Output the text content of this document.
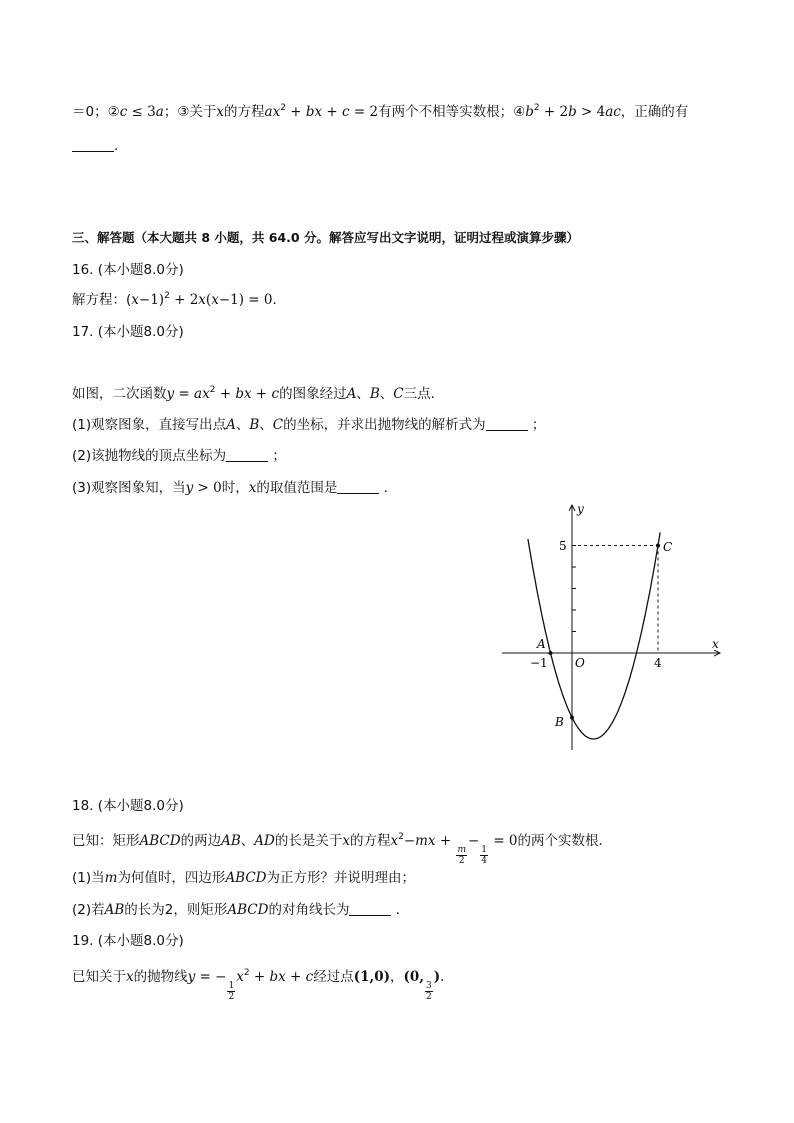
＝0；②c ≤ 3a；③关于x的方程$ax^2$ + bx + c = 2有两个不相等实数根；$④b^2 + 2b > 4ac$，正确的有
．
三、解答题（本大题共 8 小题，共 64.0 分。解答应写出文字说明，证明过程或演算步骤）
16. (本小题8.0分)
解方程：$(x-1)^2 + 2x(x-1) = 0$．
17. (本小题8.0分)
如图，二次函数$y = ax^2$ + bx + c的图象经过A、B、C三点．
(1)观察图象，直接写出点A、B、C的坐标，并求出抛物线的解析式为	；
(2)该抛物线的顶点坐标为	；
(3)观察图象知，当y > 0时，x的取值范围是	．
y
x
O
A
B
C
−1	4
5
18. (本小题8.0分)
已知：矩形ABCD的两边AB、AD的长是关于x的方程$x^2-mx$ +
$\frac{m}{2}$
−
$\frac{1}{4}$
= 0的两个实数根．
(1)当m为何值时，四边形ABCD为正方形？并说明理由；
(2)若AB的长为2，则矩形ABCD的对角线长为	．
19. (本小题8.0分)
已知关于x的抛物线y = −
$\frac{1}{2}$
$x^2$ + bx + c经过点(1,0)，(0,
$\frac{3}{2}$
)．
